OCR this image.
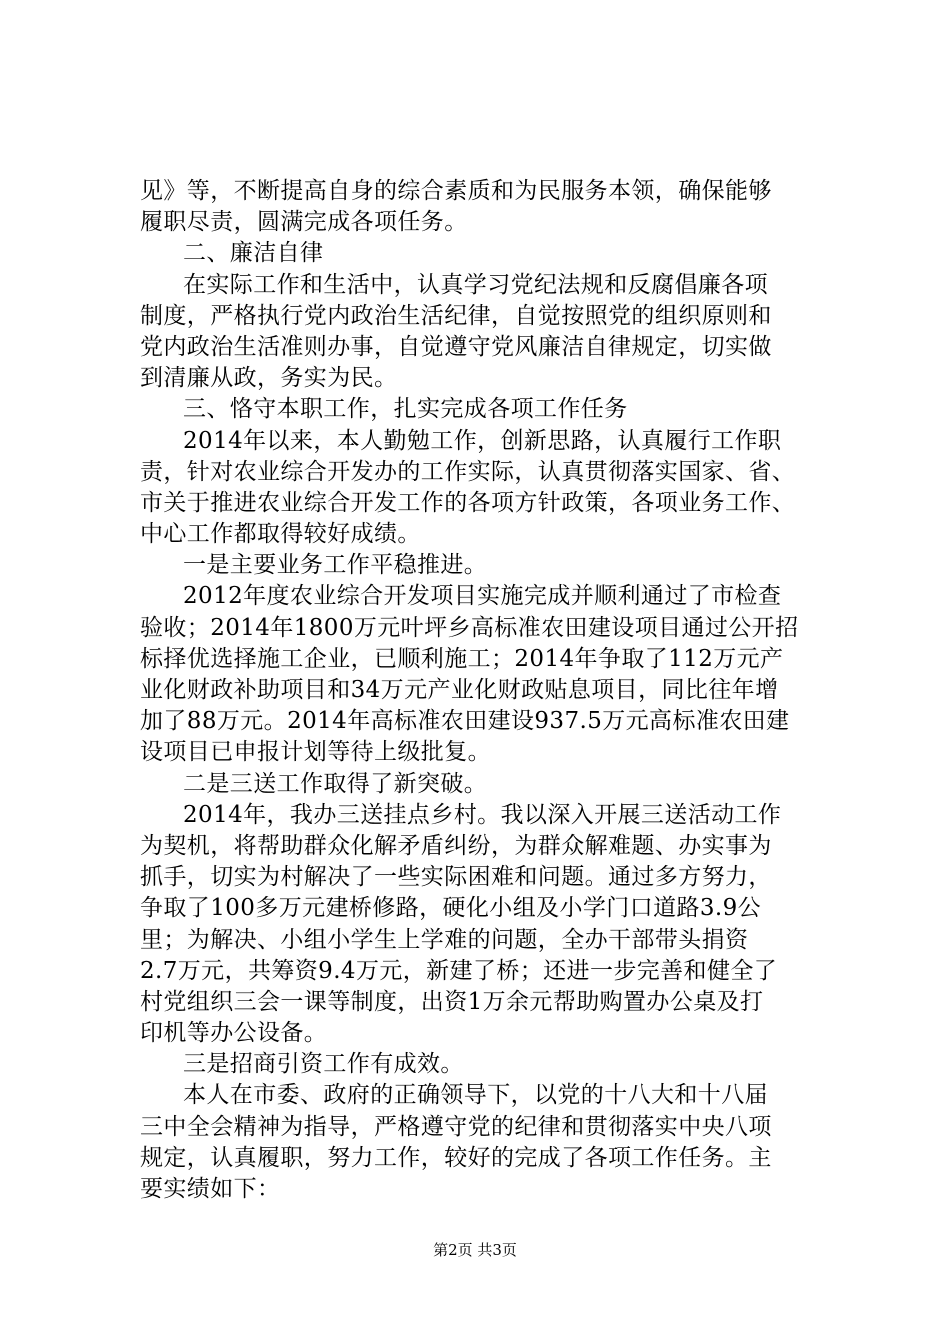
见》等，不断提高自身的综合素质和为民服务本领，确保能够
履职尽责，圆满完成各项任务。
二、廉洁自律
在实际工作和生活中，认真学习党纪法规和反腐倡廉各项
制度，严格执行党内政治生活纪律，自觉按照党的组织原则和
党内政治生活准则办事，自觉遵守党风廉洁自律规定，切实做
到清廉从政，务实为民。
三、恪守本职工作，扎实完成各项工作任务
2014年以来，本人勤勉工作，创新思路，认真履行工作职
责，针对农业综合开发办的工作实际，认真贯彻落实国家、省、
市关于推进农业综合开发工作的各项方针政策，各项业务工作、
中心工作都取得较好成绩。
一是主要业务工作平稳推进。
2012年度农业综合开发项目实施完成并顺利通过了市检查
验收；2014年1800万元叶坪乡高标准农田建设项目通过公开招
标择优选择施工企业，已顺利施工；2014年争取了112万元产
业化财政补助项目和34万元产业化财政贴息项目，同比往年增
加了88万元。2014年高标准农田建设937.5万元高标准农田建
设项目已申报计划等待上级批复。
二是三送工作取得了新突破。
2014年，我办三送挂点乡村。我以深入开展三送活动工作
为契机，将帮助群众化解矛盾纠纷，为群众解难题、办实事为
抓手，切实为村解决了一些实际困难和问题。通过多方努力，
争取了100多万元建桥修路，硬化小组及小学门口道路3.9公
里；为解决、小组小学生上学难的问题，全办干部带头捐资
2.7万元，共筹资9.4万元，新建了桥；还进一步完善和健全了
村党组织三会一课等制度，出资1万余元帮助购置办公桌及打
印机等办公设备。
三是招商引资工作有成效。
本人在市委、政府的正确领导下，以党的十八大和十八届
三中全会精神为指导，严格遵守党的纪律和贯彻落实中央八项
规定，认真履职，努力工作，较好的完成了各项工作任务。主
要实绩如下：
第2页 共3页
